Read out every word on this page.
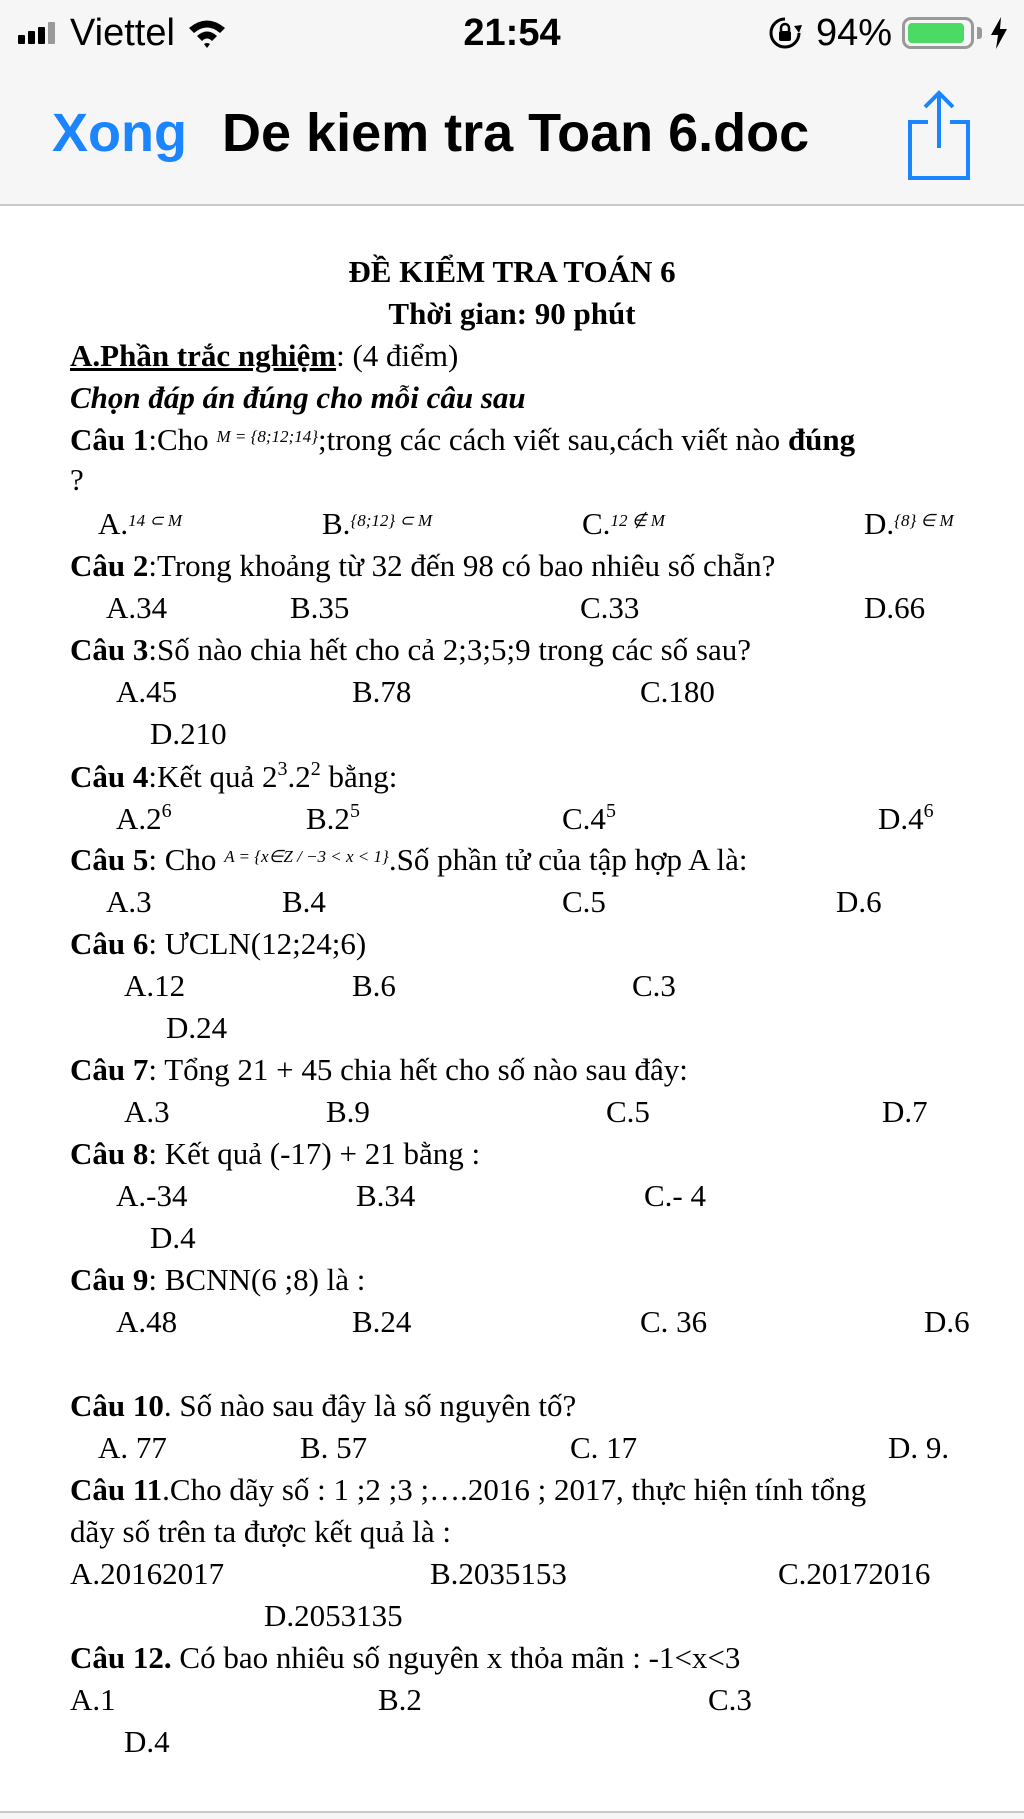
Viettel	21:54	94%
Xong De kiem tra Toan 6.doc
ĐỀ KIỂM TRA TOÁN 6
Thời gian: 90 phút
A.Phần trắc nghiệm: (4 điểm)
Chọn đáp án đúng cho mỗi câu sau
Câu 1:Cho $^{M = \{8;12;14\}}$;trong các cách viết sau,cách viết nào đúng
?
A.$^{14 \subset M}$	B.$^{\{8;12\} \subset M}$	C.$^{12 \notin M}$	D.$^{\{8\} \in M}$
Câu 2:Trong khoảng từ 32 đến 98 có bao nhiêu số chẵn?
A.34	B.35	C.33	D.66
Câu 3:Số nào chia hết cho cả 2;3;5;9 trong các số sau?
A.45	B.78	C.180
D.210
Câu 4:Kết quả $2^3.2^2$ bằng:
$A.2^6$	$B.2^5$	$C.4^5$	$D.4^6$
Câu 5: Cho $^{A = \{x\in Z / -3 < x < 1\}}$.Số phần tử của tập hợp A là:
A.3	B.4	C.5	D.6
Câu 6: ƯCLN(12;24;6)
A.12	B.6	C.3
D.24
Câu 7: Tổng 21 + 45 chia hết cho số nào sau đây:
A.3	B.9	C.5	D.7
Câu 8: Kết quả (-17) + 21 bằng :
A.-34	B.34	C.- 4
D.4
Câu 9: BCNN(6 ;8) là :
A.48	B.24	C. 36	D.6
Câu 10. Số nào sau đây là số nguyên tố?
A. 77	B. 57	C. 17	D. 9.
Câu 11.Cho dãy số : 1 ;2 ;3 ;….2016 ; 2017, thực hiện tính tổng
dãy số trên ta được kết quả là :
A.20162017	B.2035153	C.20172016
D.2053135
Câu 12. Có bao nhiêu số nguyên x thỏa mãn : -1<x<3
A.1	B.2	C.3
D.4
